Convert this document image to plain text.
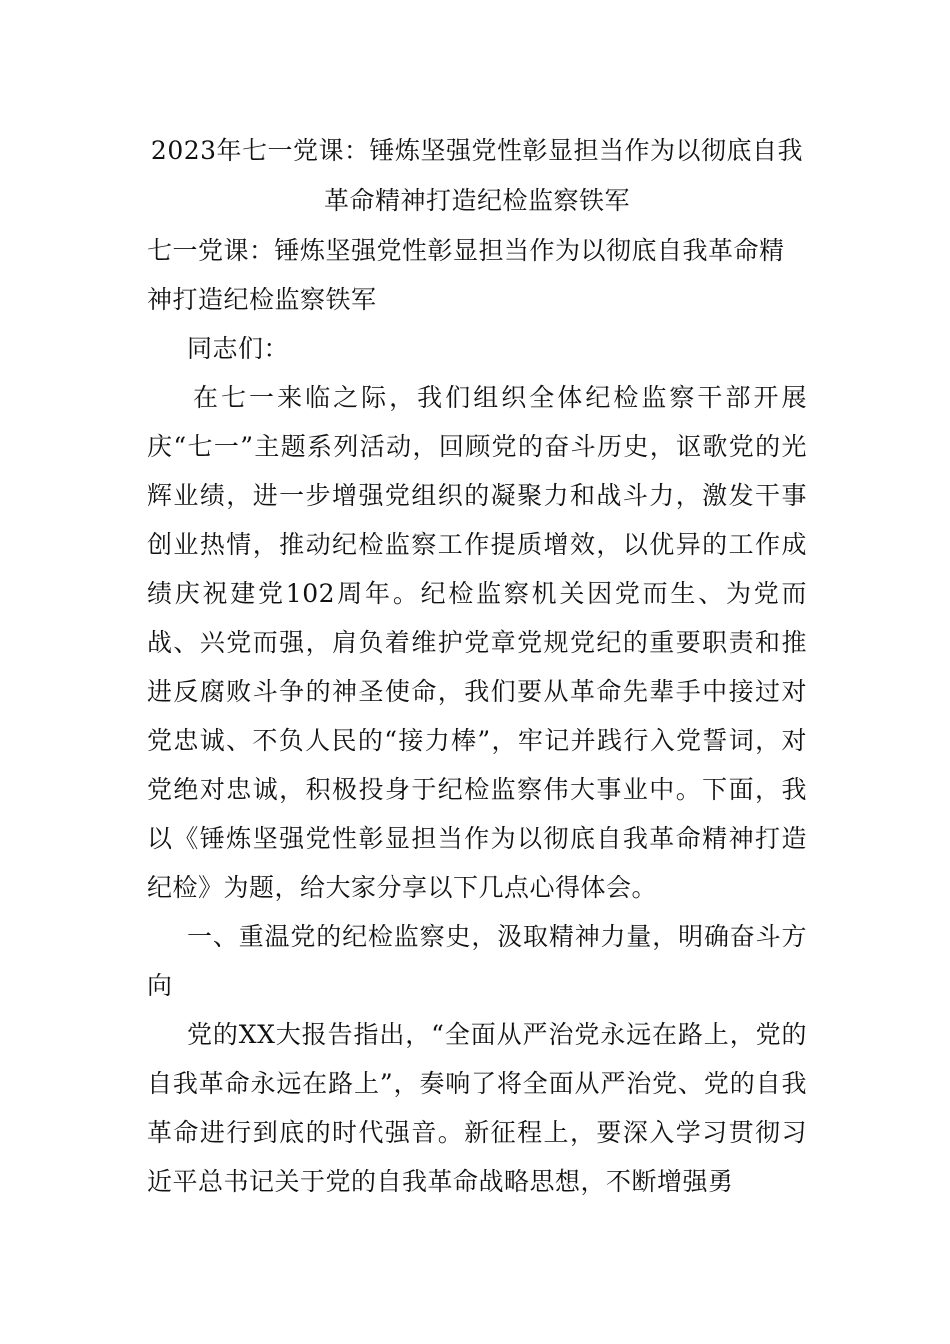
2023年七一党课：锤炼坚强党性彰显担当作为以彻底自我
革命精神打造纪检监察铁军

七一党课：锤炼坚强党性彰显担当作为以彻底自我革命精神打造纪检监察铁军

同志们：

在七一来临之际，我们组织全体纪检监察干部开展庆“七一”主题系列活动，回顾党的奋斗历史，讴歌党的光辉业绩，进一步增强党组织的凝聚力和战斗力，激发干事创业热情，推动纪检监察工作提质增效，以优异的工作成绩庆祝建党102周年。纪检监察机关因党而生、为党而战、兴党而强，肩负着维护党章党规党纪的重要职责和推进反腐败斗争的神圣使命，我们要从革命先辈手中接过对党忠诚、不负人民的“接力棒”，牢记并践行入党誓词，对党绝对忠诚，积极投身于纪检监察伟大事业中。下面，我以《锤炼坚强党性彰显担当作为以彻底自我革命精神打造纪检》为题，给大家分享以下几点心得体会。

一、重温党的纪检监察史，汲取精神力量，明确奋斗方向

党的XX大报告指出，“全面从严治党永远在路上，党的自我革命永远在路上”，奏响了将全面从严治党、党的自我革命进行到底的时代强音。新征程上，要深入学习贯彻习近平总书记关于党的自我革命战略思想，不断增强勇
